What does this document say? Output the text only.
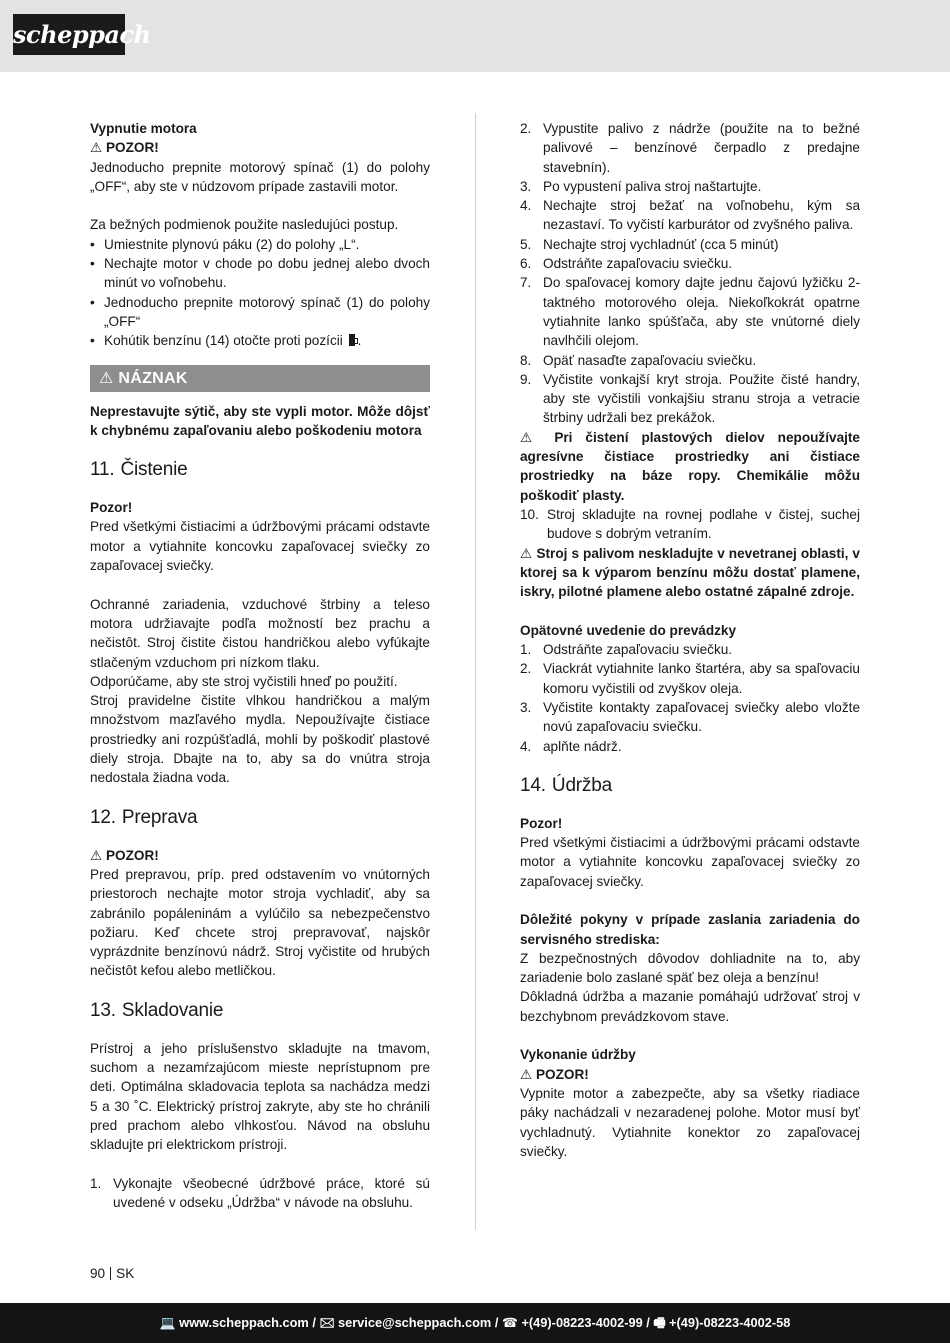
scheppach

Vypnutie motora

⚠ POZOR!

Jednoducho prepnite motorový spínač (1) do polohy „OFF“, aby ste v núdzovom prípade zastavili motor.

Za bežných podmienok použite nasledujúci postup.

• Umiestnite plynovú páku (2) do polohy „L“.
• Nechajte motor v chode po dobu jednej alebo dvoch minút vo voľnobehu.
• Jednoducho prepnite motorový spínač (1) do polohy „OFF“
• Kohútik benzínu (14) otočte proti pozícii .
⚠ NÁZNAK

Neprestavujte sýtič, aby ste vypli motor. Môže dôjsť k chybnému zapaľovaniu alebo poškodeniu motora

11. Čistenie

Pozor!

Pred všetkými čistiacimi a údržbovými prácami odstavte motor a vytiahnite koncovku zapaľovacej sviečky zo zapaľovacej sviečky.

Ochranné zariadenia, vzduchové štrbiny a teleso motora udržiavajte podľa možností bez prachu a nečistôt. Stroj čistite čistou handričkou alebo vyfúkajte stlačeným vzduchom pri nízkom tlaku.

Odporúčame, aby ste stroj vyčistili hneď po použití.

Stroj pravidelne čistite vlhkou handričkou a malým množstvom mazľavého mydla. Nepoužívajte čistiace prostriedky ani rozpúšťadlá, mohli by poškodiť plastové diely stroja. Dbajte na to, aby sa do vnútra stroja nedostala žiadna voda.

12. Preprava

⚠ POZOR!

Pred prepravou, príp. pred odstavením vo vnútorných priestoroch nechajte motor stroja vychladiť, aby sa zabránilo popáleninám a vylúčilo sa nebezpečenstvo požiaru. Keď chcete stroj prepravovať, najskôr vyprázdnite benzínovú nádrž. Stroj vyčistite od hrubých nečistôt kefou alebo metličkou.

13. Skladovanie

Prístroj a jeho príslušenstvo skladujte na tmavom, suchom a nezamŕzajúcom mieste neprístupnom pre deti. Optimálna skladovacia teplota sa nachádza medzi 5 a 30 ˚C. Elektrický prístroj zakryte, aby ste ho chránili pred prachom alebo vlhkosťou. Návod na obsluhu skladujte pri elektrickom prístroji.

1. Vykonajte všeobecné údržbové práce, ktoré sú uvedené v odseku „Údržba“ v návode na obsluhu.
2. Vypustite palivo z nádrže (použite na to bežné palivové – benzínové čerpadlo z predajne stavebnín).
3. Po vypustení paliva stroj naštartujte.
4. Nechajte stroj bežať na voľnobehu, kým sa nezastaví. To vyčistí karburátor od zvyšného paliva.
5. Nechajte stroj vychladnúť (cca 5 minút)
6. Odstráňte zapaľovaciu sviečku.
7. Do spaľovacej komory dajte jednu čajovú lyžičku 2-taktného motorového oleja. Niekoľkokrát opatrne vytiahnite lanko spúšťača, aby ste vnútorné diely navlhčili olejom.
8. Opäť nasaďte zapaľovaciu sviečku.
9. Vyčistite vonkajší kryt stroja. Použite čisté handry, aby ste vyčistili vonkajšiu stranu stroja a vetracie štrbiny udržali bez prekážok.

⚠ Pri čistení plastových dielov nepoužívajte agresívne čistiace prostriedky ani čistiace prostriedky na báze ropy. Chemikálie môžu poškodiť plasty.

10. Stroj skladujte na rovnej podlahe v čistej, suchej budove s dobrým vetraním.

⚠ Stroj s palivom neskladujte v nevetranej oblasti, v ktorej sa k výparom benzínu môžu dostať plamene, iskry, pilotné plamene alebo ostatné zápalné zdroje.

Opätovné uvedenie do prevádzky

1. Odstráňte zapaľovaciu sviečku.
2. Viackrát vytiahnite lanko štartéra, aby sa spaľovaciu komoru vyčistili od zvyškov oleja.
3. Vyčistite kontakty zapaľovacej sviečky alebo vložte novú zapaľovaciu sviečku.
4. aplňte nádrž.
14. Údržba

Pozor!

Pred všetkými čistiacimi a údržbovými prácami odstavte motor a vytiahnite koncovku zapaľovacej sviečky zo zapaľovacej sviečky.

Dôležité pokyny v prípade zaslania zariadenia do servisného strediska:

Z bezpečnostných dôvodov dohliadnite na to, aby zariadenie bolo zaslané späť bez oleja a benzínu!

Dôkladná údržba a mazanie pomáhajú udržovať stroj v bezchybnom prevádzkovom stave.

Vykonanie údržby

⚠ POZOR!

Vypnite motor a zabezpečte, aby sa všetky riadiace páky nachádzali v nezaradenej polohe. Motor musí byť vychladnutý. Vytiahnite konektor zo zapaľovacej sviečky.

90 SK
💻 www.scheppach.com / 🖂 service@scheppach.com / ☎ +(49)-08223-4002-99 / 🖷 +(49)-08223-4002-58
